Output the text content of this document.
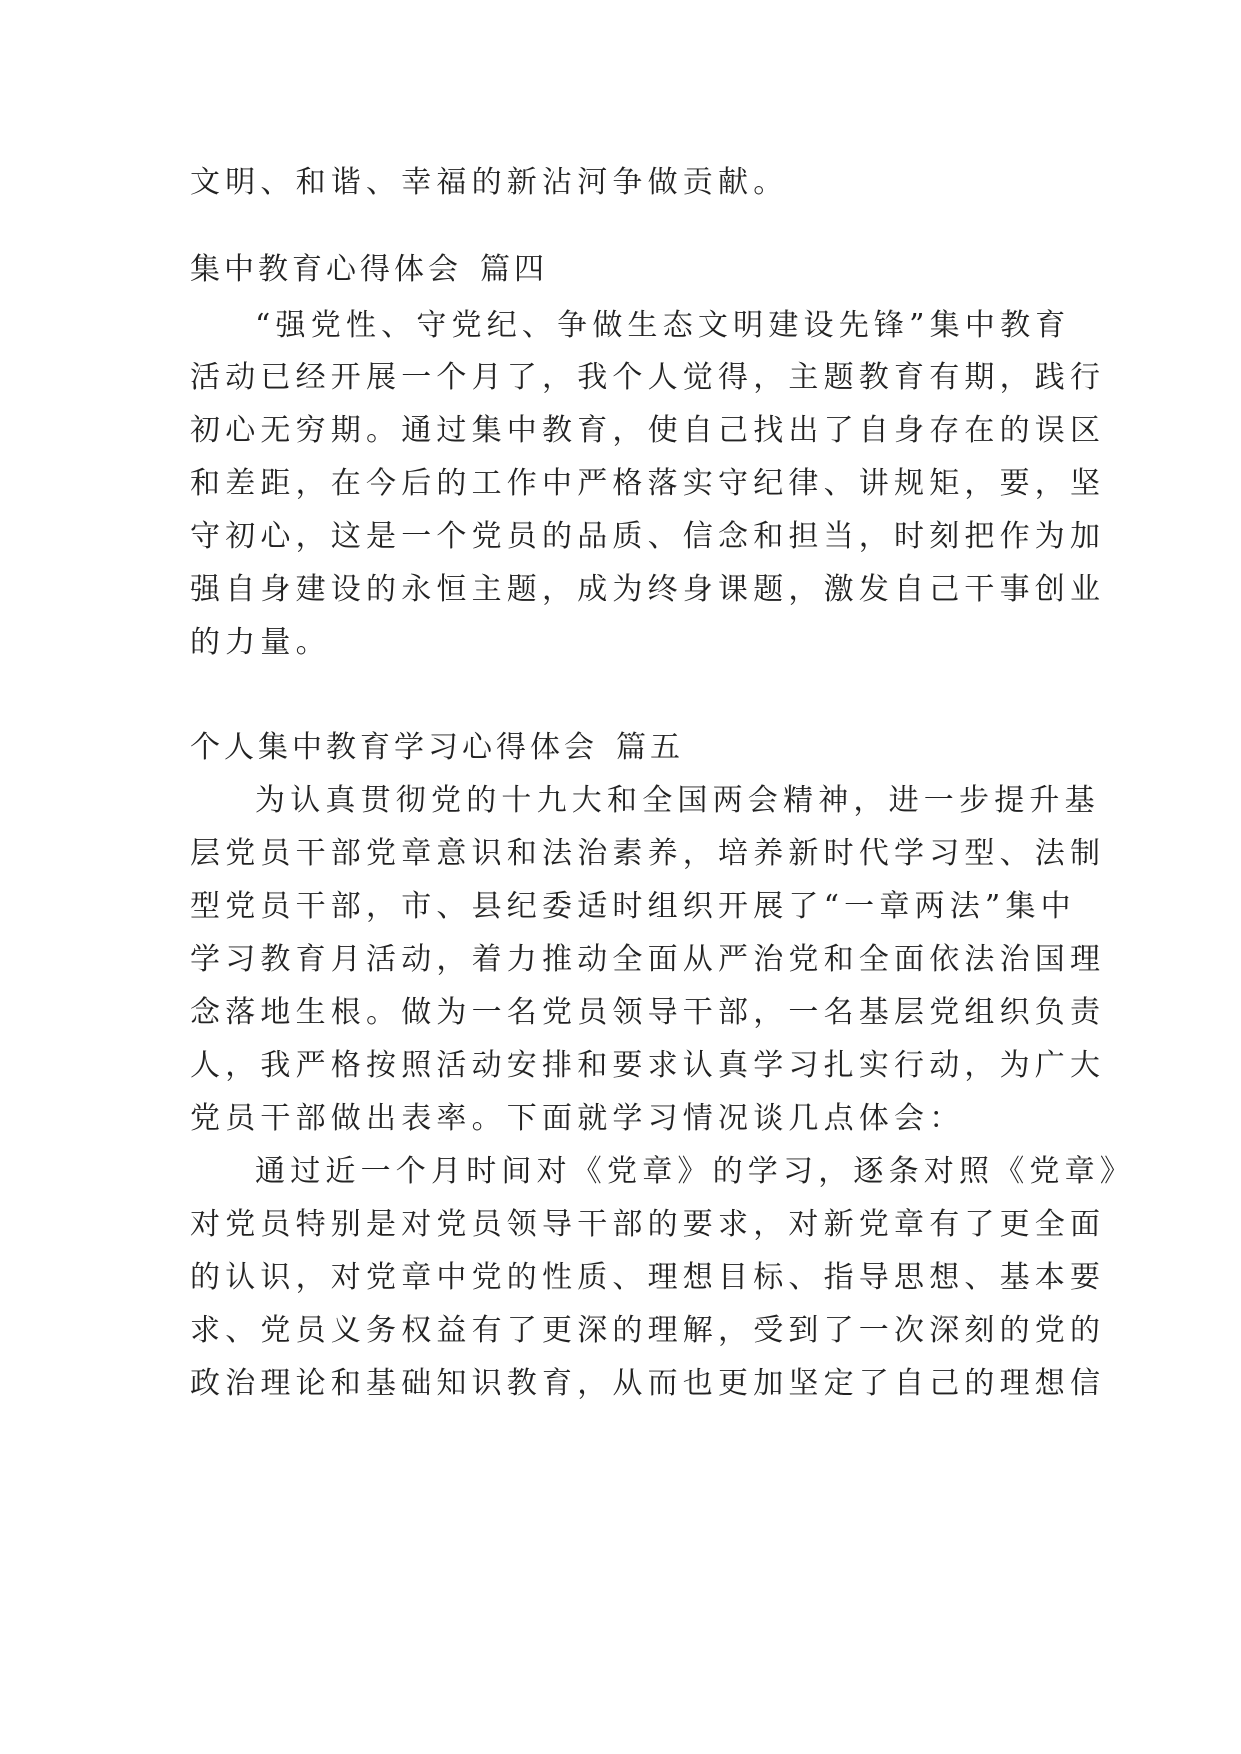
文明、和谐、幸福的新沾河争做贡献。
集中教育心得体会 篇四
“强党性、守党纪、争做生态文明建设先锋”集中教育
活动已经开展一个月了，我个人觉得，主题教育有期，践行
初心无穷期。通过集中教育，使自己找出了自身存在的误区
和差距，在今后的工作中严格落实守纪律、讲规矩，要，坚
守初心，这是一个党员的品质、信念和担当，时刻把作为加
强自身建设的永恒主题，成为终身课题，激发自己干事创业
的力量。
个人集中教育学习心得体会 篇五
为认真贯彻党的十九大和全国两会精神，进一步提升基
层党员干部党章意识和法治素养，培养新时代学习型、法制
型党员干部，市、县纪委适时组织开展了“一章两法”集中
学习教育月活动，着力推动全面从严治党和全面依法治国理
念落地生根。做为一名党员领导干部，一名基层党组织负责
人，我严格按照活动安排和要求认真学习扎实行动，为广大
党员干部做出表率。下面就学习情况谈几点体会：
通过近一个月时间对《党章》的学习，逐条对照《党章》
对党员特别是对党员领导干部的要求，对新党章有了更全面
的认识，对党章中党的性质、理想目标、指导思想、基本要
求、党员义务权益有了更深的理解，受到了一次深刻的党的
政治理论和基础知识教育，从而也更加坚定了自己的理想信
